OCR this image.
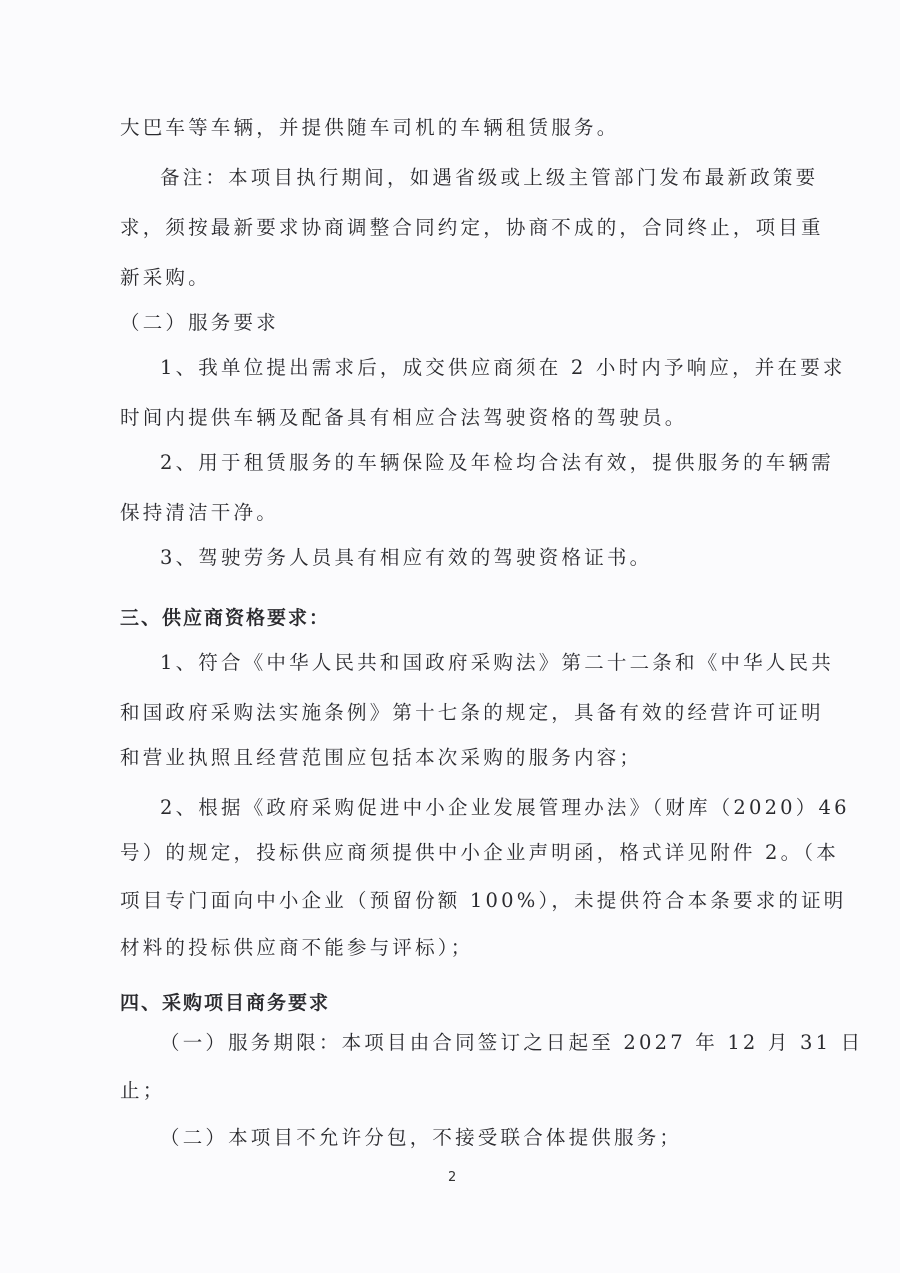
大巴车等车辆，并提供随车司机的车辆租赁服务。
备注：本项目执行期间，如遇省级或上级主管部门发布最新政策要
求，须按最新要求协商调整合同约定，协商不成的，合同终止，项目重
新采购。
（二）服务要求
1、我单位提出需求后，成交供应商须在 2 小时内予响应，并在要求
时间内提供车辆及配备具有相应合法驾驶资格的驾驶员。
2、用于租赁服务的车辆保险及年检均合法有效，提供服务的车辆需
保持清洁干净。
3、驾驶劳务人员具有相应有效的驾驶资格证书。
三、供应商资格要求：
1、符合《中华人民共和国政府采购法》第二十二条和《中华人民共
和国政府采购法实施条例》第十七条的规定，具备有效的经营许可证明
和营业执照且经营范围应包括本次采购的服务内容；
2、根据《政府采购促进中小企业发展管理办法》（财库（2020）46
号）的规定，投标供应商须提供中小企业声明函，格式详见附件 2。（本
项目专门面向中小企业（预留份额 100%），未提供符合本条要求的证明
材料的投标供应商不能参与评标）；
四、采购项目商务要求
（一）服务期限：本项目由合同签订之日起至 2027 年 12 月 31 日
止；
（二）本项目不允许分包，不接受联合体提供服务；
2
